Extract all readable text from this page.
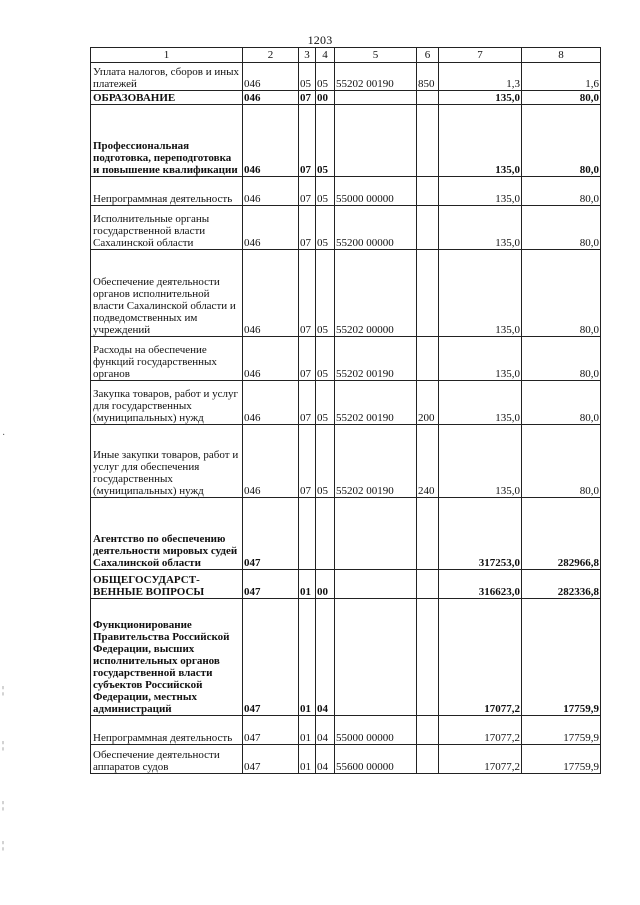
1203
1	2	3	4	5	6	7	8
Уплата налогов, сборов и иных платежей	046	05	05	55202 00190	850	1,3	1,6
ОБРАЗОВАНИЕ	046	07	00			135,0	80,0
Профессиональная подготовка, переподготовка и повышение квалификации	046	07	05			135,0	80,0
Непрограммная деятельность	046	07	05	55000 00000		135,0	80,0
Исполнительные органы государственной власти Сахалинской области	046	07	05	55200 00000		135,0	80,0
Обеспечение деятельности органов исполнительной власти Сахалинской области и подведомственных им учреждений	046	07	05	55202 00000		135,0	80,0
Расходы на обеспечение функций государственных органов	046	07	05	55202 00190		135,0	80,0
Закупка товаров, работ и услуг для государственных (муниципальных) нужд	046	07	05	55202 00190	200	135,0	80,0
Иные закупки товаров, работ и услуг для обеспечения государственных (муниципальных) нужд	046	07	05	55202 00190	240	135,0	80,0
Агентство по обеспечению деятельности мировых судей Сахалинской области	047					317253,0	282966,8
ОБЩЕГОСУДАРСТ-ВЕННЫЕ ВОПРОСЫ	047	01	00			316623,0	282336,8
Функционирование Правительства Российской Федерации, высших исполнительных органов государственной власти субъектов Российской Федерации, местных администраций	047	01	04			17077,2	17759,9
Непрограммная деятельность	047	01	04	55000 00000		17077,2	17759,9
Обеспечение деятельности аппаратов судов	047	01	04	55600 00000		17077,2	17759,9
·
¦
¦
¦
¦
